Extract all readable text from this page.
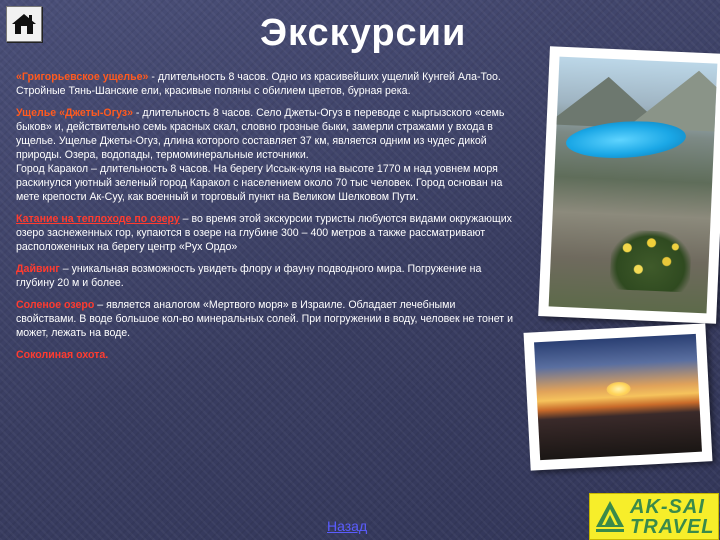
Экскурсии

«Григорьевское ущелье» - длительность 8 часов. Одно из красивейших ущелий Кунгей Ала-Тоо. Стройные Тянь-Шанские ели, красивые поляны с обилием цветов, бурная река.

Ущелье «Джеты-Огуз» - длительность 8 часов. Село Джеты-Огуз в переводе с кыргызского «семь быков» и, действительно семь красных скал, словно грозные быки, замерли стражами у входа в ущелье. Ущелье Джеты-Огуз, длина которого составляет 37 км, является одним из чудес дикой природы. Озера, водопады, термоминеральные источники.

Город Каракол – длительность 8 часов. На берегу Иссык-куля на высоте 1770 м над уовнем моря раскинулся уютный зеленый город Каракол с населением около 70 тыс человек. Город основан на мете крепости Ак-Суу, как военный и торговый пункт на Великом Шелковом Пути.

Катание на теплоходе по озеру – во время этой экскурсии туристы любуются видами окружающих озеро заснеженных гор, купаются в озере на глубине 300 – 400 метров а также рассматривают расположенных на берегу центр «Рух Ордо»

Дайвинг – уникальная возможность увидеть флору и фауну подводного мира. Погружение на глубину 20 м и более.

Соленое озеро – является аналогом «Мертвого моря» в Израиле. Обладает лечебными свойствами. В воде большое кол-во минеральных солей. При погружении в воду, человек не тонет и может, лежать на воде.

Соколиная охота.

AK-SAI
TRAVEL
Назад
